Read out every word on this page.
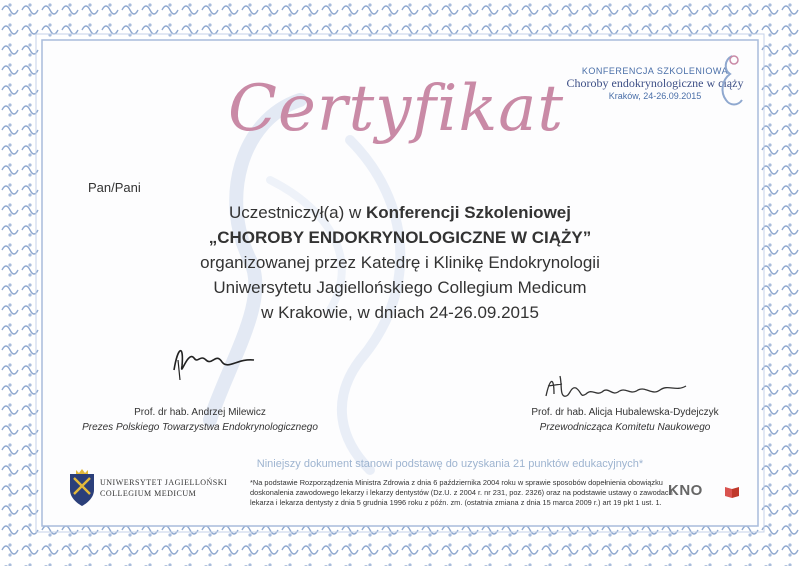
Certyfikat
KONFERENCJA SZKOLENIOWA
Choroby endokrynologiczne w ciąży
Kraków, 24-26.09.2015
Pan/Pani
Uczestniczył(a) w Konferencji Szkoleniowej
„CHOROBY ENDOKRYNOLOGICZNE W CIĄŻY”
organizowanej przez Katedrę i Klinikę Endokrynologii
Uniwersytetu Jagiellońskiego Collegium Medicum
w Krakowie, w dniach 24-26.09.2015
Prof. dr hab. Andrzej Milewicz
Prezes Polskiego Towarzystwa Endokrynologicznego
Prof. dr hab. Alicja Hubalewska-Dydejczyk
Przewodnicząca Komitetu Naukowego
UNIWERSYTET JAGIELLOŃSKI
COLLEGIUM MEDICUM
Niniejszy dokument stanowi podstawę do uzyskania 21 punktów edukacyjnych*
*Na podstawie Rozporządzenia Ministra Zdrowia z dnia 6 października 2004 roku w sprawie sposobów dopełnienia obowiązku doskonalenia zawodowego lekarzy i lekarzy dentystów (Dz.U. z 2004 r. nr 231, poz. 2326) oraz na podstawie ustawy o zawodach lekarza i lekarza dentysty z dnia 5 grudnia 1996 roku z późn. zm. (ostatnia zmiana z dnia 15 marca 2009 r.) art 19 pkt 1 ust. 1.
KNO
